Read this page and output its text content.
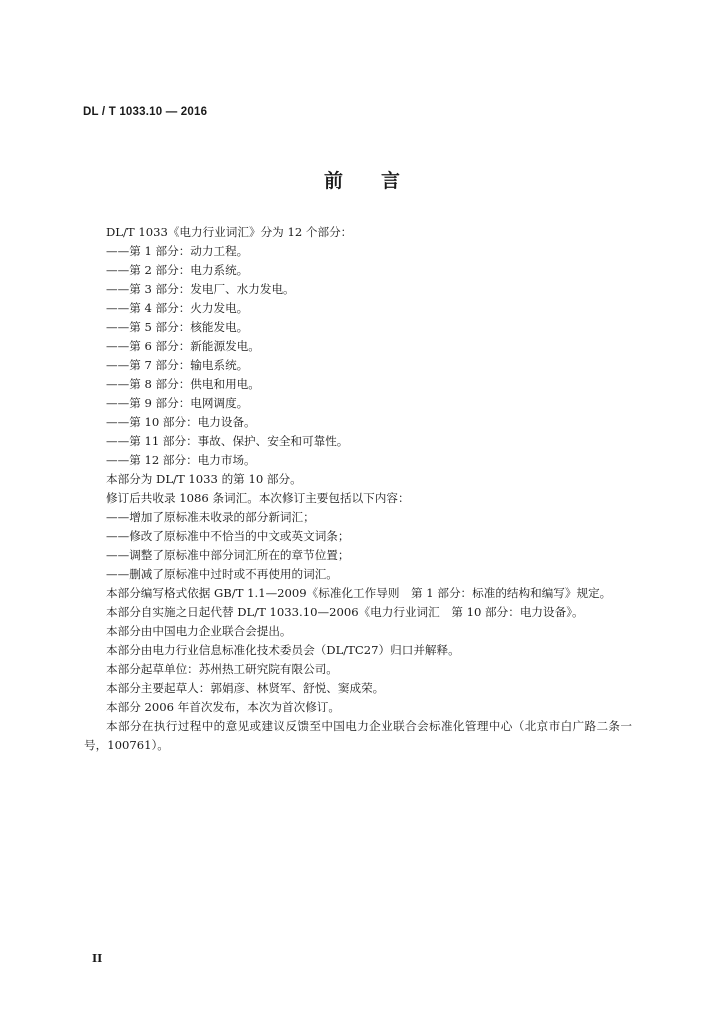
DL / T 1033.10 — 2016
前言
DL/T 1033《电力行业词汇》分为 12 个部分：
——第 1 部分：动力工程。
——第 2 部分：电力系统。
——第 3 部分：发电厂、水力发电。
——第 4 部分：火力发电。
——第 5 部分：核能发电。
——第 6 部分：新能源发电。
——第 7 部分：输电系统。
——第 8 部分：供电和用电。
——第 9 部分：电网调度。
——第 10 部分：电力设备。
——第 11 部分：事故、保护、安全和可靠性。
——第 12 部分：电力市场。
本部分为 DL/T 1033 的第 10 部分。
修订后共收录 1086 条词汇。本次修订主要包括以下内容：
——增加了原标准未收录的部分新词汇；
——修改了原标准中不恰当的中文或英文词条；
——调整了原标准中部分词汇所在的章节位置；
——删减了原标准中过时或不再使用的词汇。
本部分编写格式依据 GB/T 1.1—2009《标准化工作导则　第 1 部分：标准的结构和编写》规定。
本部分自实施之日起代替 DL/T 1033.10—2006《电力行业词汇　第 10 部分：电力设备》。
本部分由中国电力企业联合会提出。
本部分由电力行业信息标准化技术委员会（DL/TC27）归口并解释。
本部分起草单位：苏州热工研究院有限公司。
本部分主要起草人：郭娟彦、林贤军、舒悦、窦成荣。
本部分 2006 年首次发布，本次为首次修订。
本部分在执行过程中的意见或建议反馈至中国电力企业联合会标准化管理中心（北京市白广路二条一号，100761）。
II
